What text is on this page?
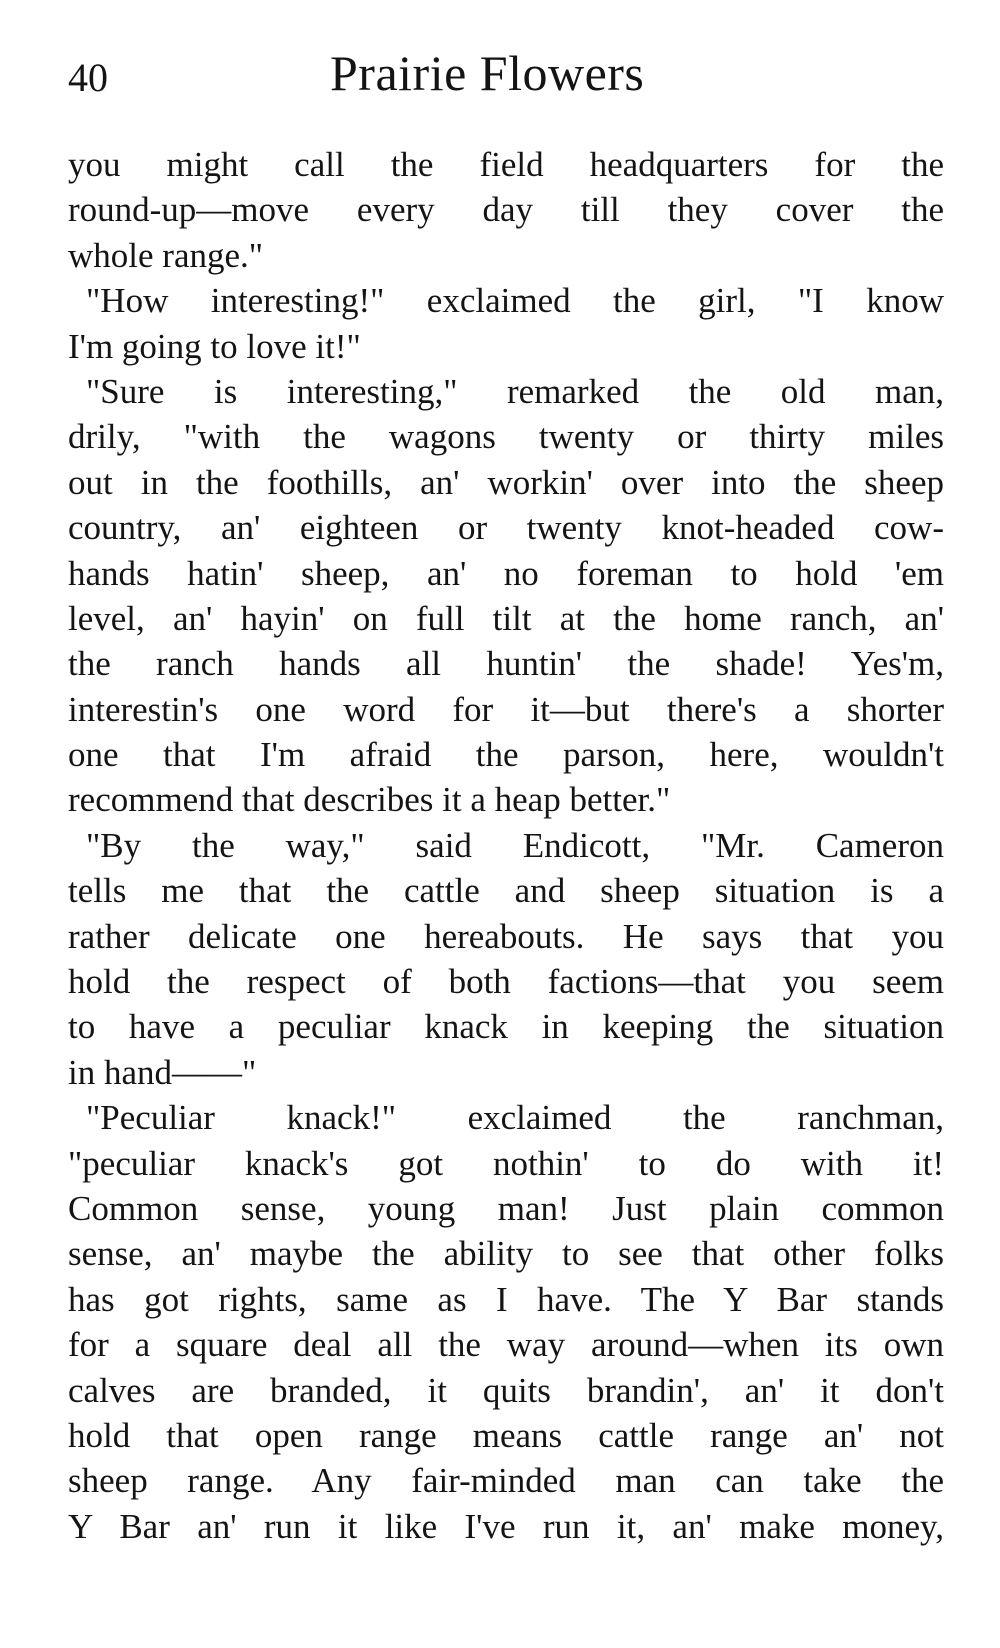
40	Prairie Flowers
you might call the field headquarters for the
round-up—move every day till they cover the
whole range."
"How interesting!" exclaimed the girl, "I know
I'm going to love it!"
"Sure is interesting," remarked the old man,
drily, "with the wagons twenty or thirty miles
out in the foothills, an' workin' over into the sheep
country, an' eighteen or twenty knot-headed cow-
hands hatin' sheep, an' no foreman to hold 'em
level, an' hayin' on full tilt at the home ranch, an'
the ranch hands all huntin' the shade! Yes'm,
interestin's one word for it—but there's a shorter
one that I'm afraid the parson, here, wouldn't
recommend that describes it a heap better."
"By the way," said Endicott, "Mr. Cameron
tells me that the cattle and sheep situation is a
rather delicate one hereabouts. He says that you
hold the respect of both factions—that you seem
to have a peculiar knack in keeping the situation
in hand——"
"Peculiar knack!" exclaimed the ranchman,
"peculiar knack's got nothin' to do with it!
Common sense, young man! Just plain common
sense, an' maybe the ability to see that other folks
has got rights, same as I have. The Y Bar stands
for a square deal all the way around—when its own
calves are branded, it quits brandin', an' it don't
hold that open range means cattle range an' not
sheep range. Any fair-minded man can take the
Y Bar an' run it like I've run it, an' make money,
